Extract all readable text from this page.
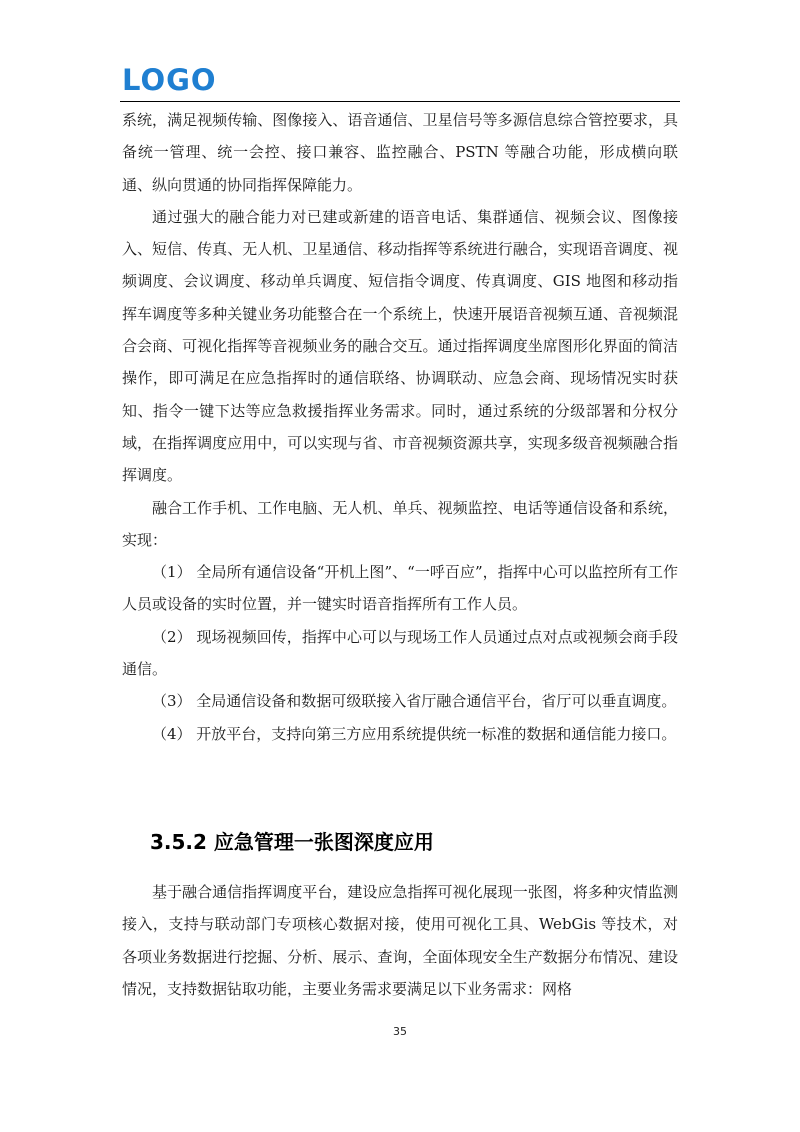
LOGO

系统，满足视频传输、图像接入、语音通信、卫星信号等多源信息综合管控要求，具备统一管理、统一会控、接口兼容、监控融合、PSTN 等融合功能，形成横向联通、纵向贯通的协同指挥保障能力。

通过强大的融合能力对已建或新建的语音电话、集群通信、视频会议、图像接入、短信、传真、无人机、卫星通信、移动指挥等系统进行融合，实现语音调度、视频调度、会议调度、移动单兵调度、短信指令调度、传真调度、GIS 地图和移动指挥车调度等多种关键业务功能整合在一个系统上，快速开展语音视频互通、音视频混合会商、可视化指挥等音视频业务的融合交互。通过指挥调度坐席图形化界面的简洁操作，即可满足在应急指挥时的通信联络、协调联动、应急会商、现场情况实时获知、指令一键下达等应急救援指挥业务需求。同时，通过系统的分级部署和分权分域，在指挥调度应用中，可以实现与省、市音视频资源共享，实现多级音视频融合指挥调度。

融合工作手机、工作电脑、无人机、单兵、视频监控、电话等通信设备和系统，实现：

（1） 全局所有通信设备“开机上图”、“一呼百应”，指挥中心可以监控所有工作人员或设备的实时位置，并一键实时语音指挥所有工作人员。

（2） 现场视频回传，指挥中心可以与现场工作人员通过点对点或视频会商手段通信。

（3） 全局通信设备和数据可级联接入省厅融合通信平台，省厅可以垂直调度。

（4） 开放平台，支持向第三方应用系统提供统一标准的数据和通信能力接口。

3.5.2 应急管理一张图深度应用

基于融合通信指挥调度平台，建设应急指挥可视化展现一张图，将多种灾情监测接入，支持与联动部门专项核心数据对接，使用可视化工具、WebGis 等技术，对各项业务数据进行挖掘、分析、展示、查询，全面体现安全生产数据分布情况、建设情况，支持数据钻取功能，主要业务需求要满足以下业务需求：网格

35
